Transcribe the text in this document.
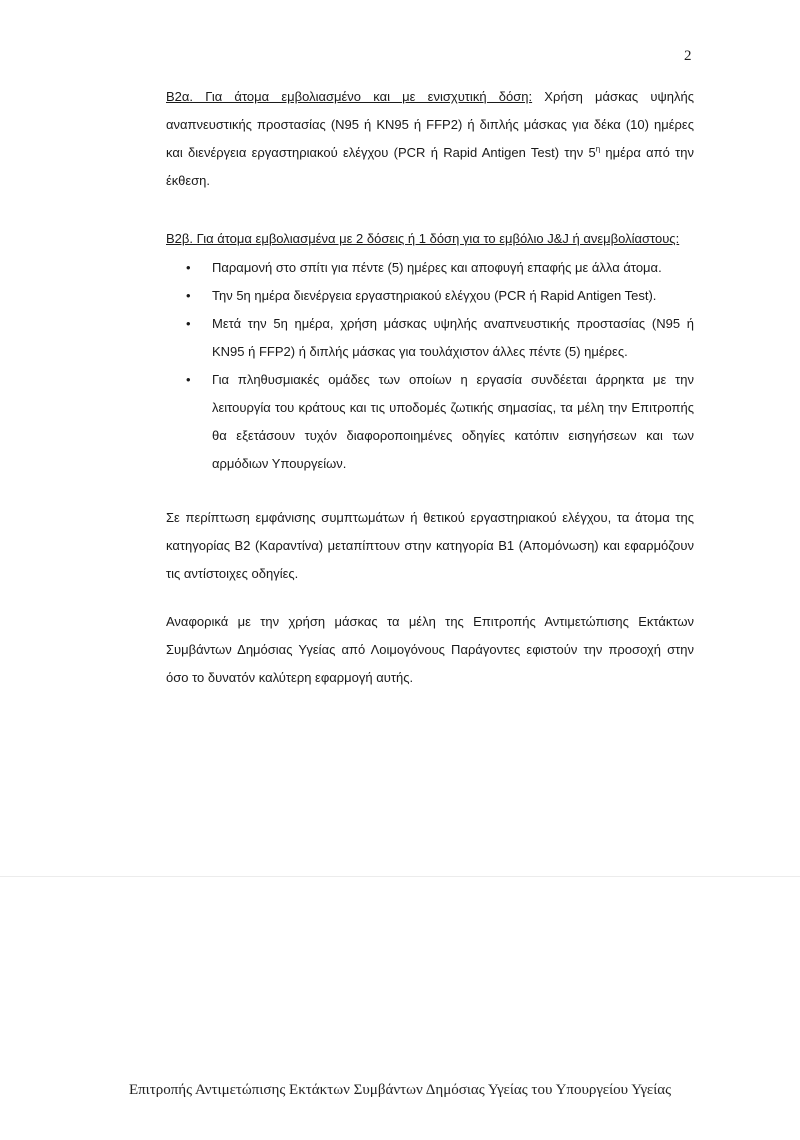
2

Β2α. Για άτομα εμβολιασμένο και με ενισχυτική δόση: Χρήση μάσκας υψηλής αναπνευστικής προστασίας (Ν95 ή KN95 ή FFP2) ή διπλής μάσκας για δέκα (10) ημέρες και διενέργεια εργαστηριακού ελέγχου (PCR ή Rapid Antigen Test) την $5^\eta$ ημέρα από την έκθεση.

Β2β. Για άτομα εμβολιασμένα με 2 δόσεις ή 1 δόση για το εμβόλιο J&J ή ανεμβολίαστους:

• Παραμονή στο σπίτι για πέντε (5) ημέρες και αποφυγή επαφής με άλλα άτομα.
• Την 5η ημέρα διενέργεια εργαστηριακού ελέγχου (PCR ή Rapid Antigen Test).
• Μετά την 5η ημέρα, χρήση μάσκας υψηλής αναπνευστικής προστασίας (Ν95 ή KN95 ή FFP2) ή διπλής μάσκας για τουλάχιστον άλλες πέντε (5) ημέρες.
• Για πληθυσμιακές ομάδες των οποίων η εργασία συνδέεται άρρηκτα με την λειτουργία του κράτους και τις υποδομές ζωτικής σημασίας, τα μέλη την Επιτροπής θα εξετάσουν τυχόν διαφοροποιημένες οδηγίες κατόπιν εισηγήσεων και των αρμόδιων Υπουργείων.

Σε περίπτωση εμφάνισης συμπτωμάτων ή θετικού εργαστηριακού ελέγχου, τα άτομα της κατηγορίας Β2 (Καραντίνα) μεταπίπτουν στην κατηγορία Β1 (Απομόνωση) και εφαρμόζουν τις αντίστοιχες οδηγίες.

Αναφορικά με την χρήση μάσκας τα μέλη της Επιτροπής Αντιμετώπισης Εκτάκτων Συμβάντων Δημόσιας Υγείας από Λοιμογόνους Παράγοντες εφιστούν την προσοχή στην όσο το δυνατόν καλύτερη εφαρμογή αυτής.

Επιτροπής Αντιμετώπισης Εκτάκτων Συμβάντων Δημόσιας Υγείας του Υπουργείου Υγείας
